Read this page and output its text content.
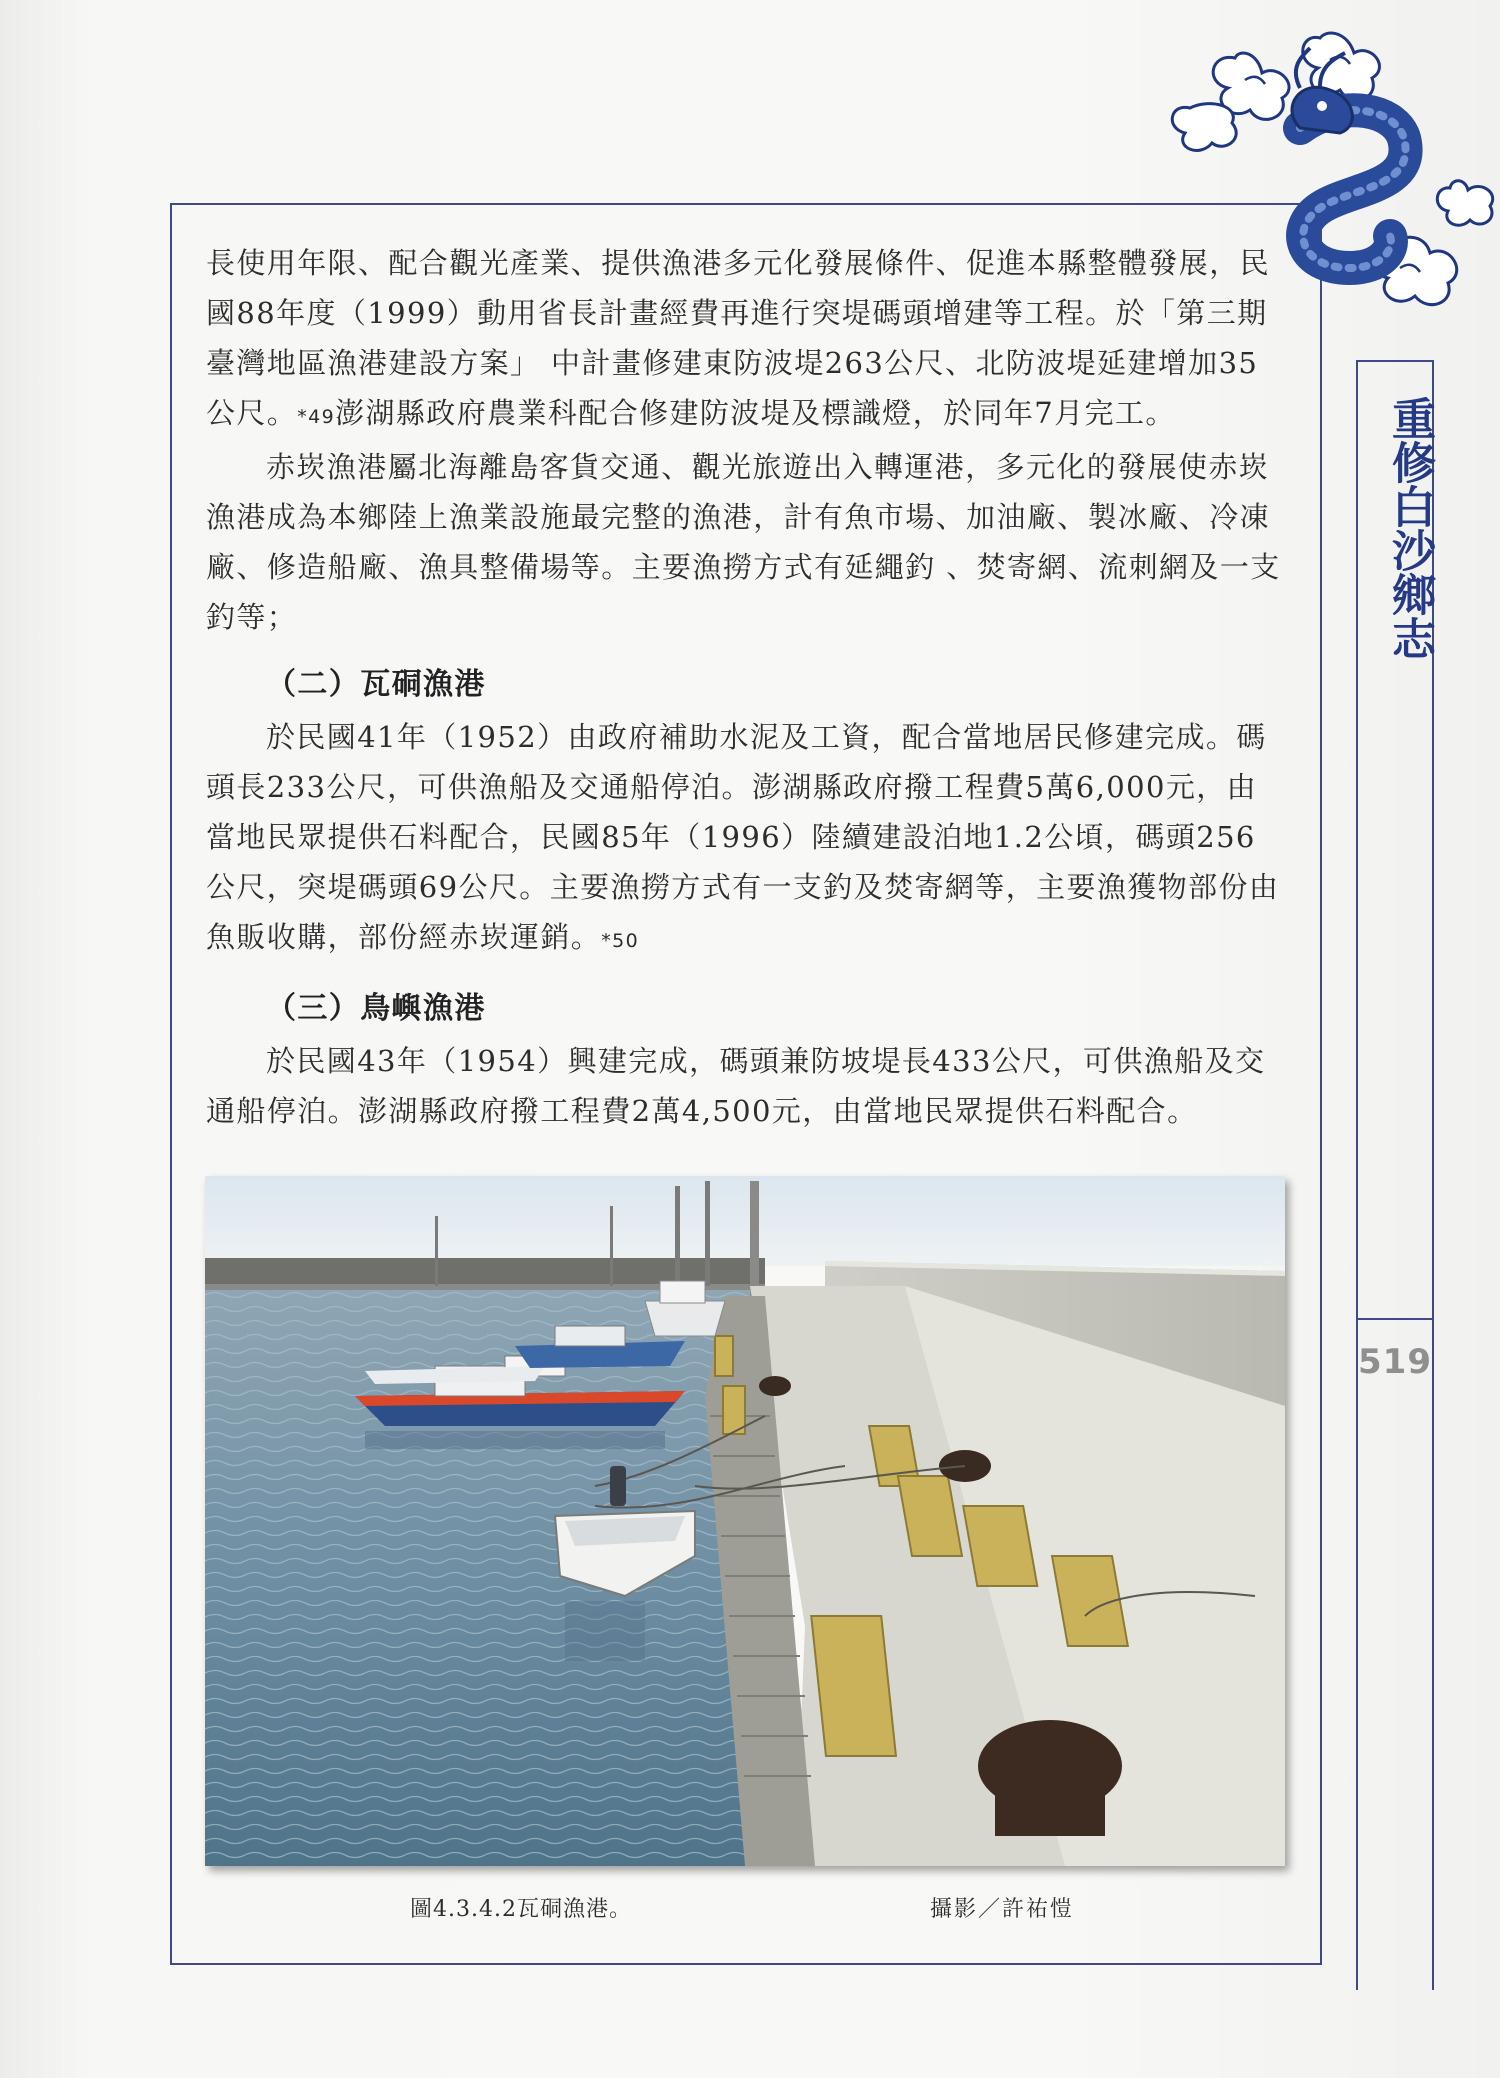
重修白沙鄉志
519

長使用年限、配合觀光產業、提供漁港多元化發展條件、促進本縣整體發展，民國88年度（1999）動用省長計畫經費再進行突堤碼頭增建等工程。於「第三期臺灣地區漁港建設方案」 中計畫修建東防波堤263公尺、北防波堤延建增加35公尺。*49澎湖縣政府農業科配合修建防波堤及標識燈，於同年7月完工。

赤崁漁港屬北海離島客貨交通、觀光旅遊出入轉運港，多元化的發展使赤崁漁港成為本鄉陸上漁業設施最完整的漁港，計有魚市場、加油廠、製冰廠、冷凍廠、修造船廠、漁具整備場等。主要漁撈方式有延繩釣 、焚寄網、流刺網及一支釣等；

（二）瓦硐漁港

於民國41年（1952）由政府補助水泥及工資，配合當地居民修建完成。碼頭長233公尺，可供漁船及交通船停泊。澎湖縣政府撥工程費5萬6,000元，由當地民眾提供石料配合，民國85年（1996）陸續建設泊地1.2公頃，碼頭256公尺，突堤碼頭69公尺。主要漁撈方式有一支釣及焚寄網等，主要漁獲物部份由魚販收購，部份經赤崁運銷。*50

（三）鳥嶼漁港

於民國43年（1954）興建完成，碼頭兼防坡堤長433公尺，可供漁船及交通船停泊。澎湖縣政府撥工程費2萬4,500元，由當地民眾提供石料配合。

圖4.3.4.2瓦硐漁港。	攝影／許祐愷
